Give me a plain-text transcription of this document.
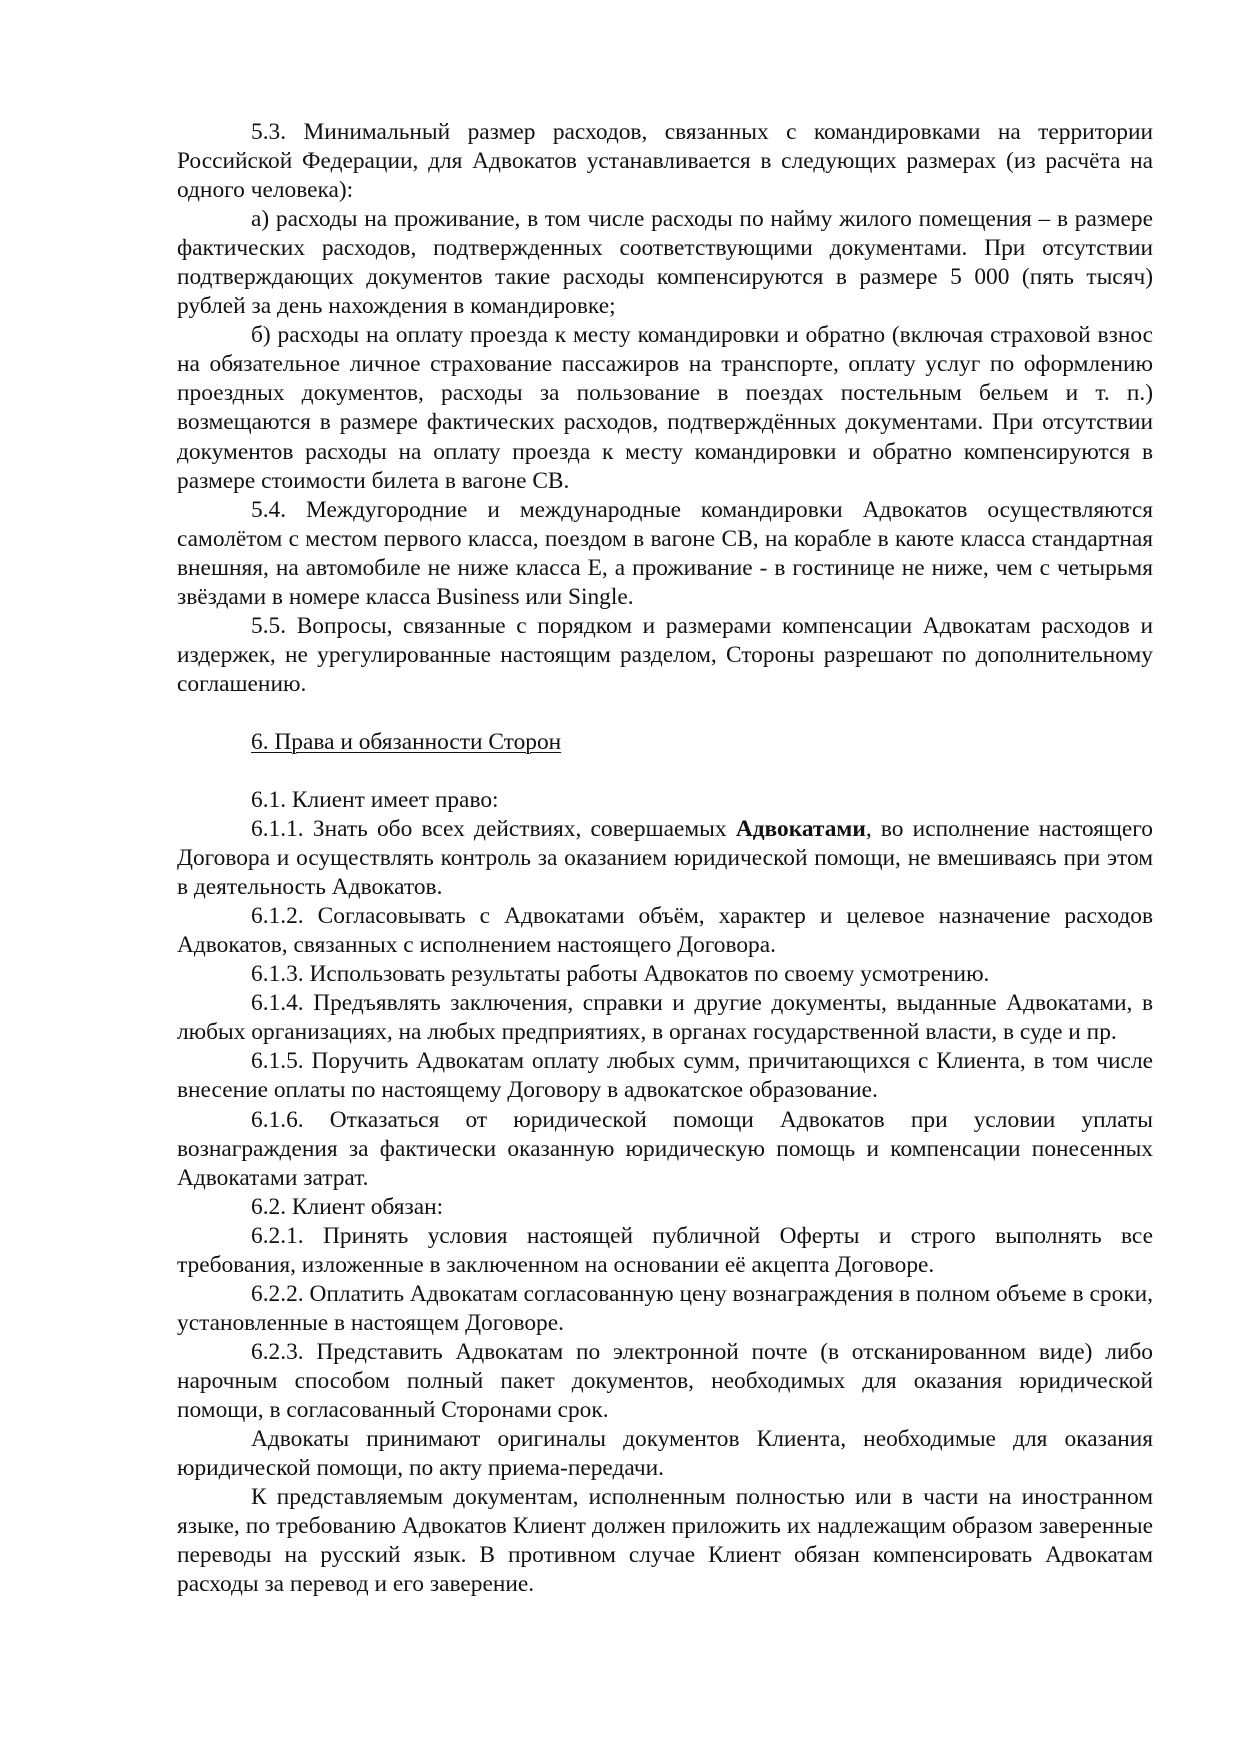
5.3. Минимальный размер расходов, связанных с командировками на территории Российской Федерации, для Адвокатов устанавливается в следующих размерах (из расчёта на одного человека):

а) расходы на проживание, в том числе расходы по найму жилого помещения – в размере фактических расходов, подтвержденных соответствующими документами. При отсутствии подтверждающих документов такие расходы компенсируются в размере 5 000 (пять тысяч) рублей за день нахождения в командировке;

б) расходы на оплату проезда к месту командировки и обратно (включая страховой взнос на обязательное личное страхование пассажиров на транспорте, оплату услуг по оформлению проездных документов, расходы за пользование в поездах постельным бельем и т. п.) возмещаются в размере фактических расходов, подтверждённых документами. При отсутствии документов расходы на оплату проезда к месту командировки и обратно компенсируются в размере стоимости билета в вагоне СВ.

5.4. Междугородние и международные командировки Адвокатов осуществляются самолётом с местом первого класса, поездом в вагоне СВ, на корабле в каюте класса стандартная внешняя, на автомобиле не ниже класса Е, а проживание - в гостинице не ниже, чем с четырьмя звёздами в номере класса Business или Single.

5.5. Вопросы, связанные с порядком и размерами компенсации Адвокатам расходов и издержек, не урегулированные настоящим разделом, Стороны разрешают по дополнительному соглашению.

6. Права и обязанности Сторон

6.1. Клиент имеет право:

6.1.1. Знать обо всех действиях, совершаемых Адвокатами, во исполнение настоящего Договора и осуществлять контроль за оказанием юридической помощи, не вмешиваясь при этом в деятельность Адвокатов.

6.1.2. Согласовывать с Адвокатами объём, характер и целевое назначение расходов Адвокатов, связанных с исполнением настоящего Договора.

6.1.3. Использовать результаты работы Адвокатов по своему усмотрению.

6.1.4. Предъявлять заключения, справки и другие документы, выданные Адвокатами, в любых организациях, на любых предприятиях, в органах государственной власти, в суде и пр.

6.1.5. Поручить Адвокатам оплату любых сумм, причитающихся с Клиента, в том числе внесение оплаты по настоящему Договору в адвокатское образование.

6.1.6. Отказаться от юридической помощи Адвокатов при условии уплаты вознаграждения за фактически оказанную юридическую помощь и компенсации понесенных Адвокатами затрат.

6.2. Клиент обязан:

6.2.1. Принять условия настоящей публичной Оферты и строго выполнять все требования, изложенные в заключенном на основании её акцепта Договоре.

6.2.2. Оплатить Адвокатам согласованную цену вознаграждения в полном объеме в сроки, установленные в настоящем Договоре.

6.2.3. Представить Адвокатам по электронной почте (в отсканированном виде) либо нарочным способом полный пакет документов, необходимых для оказания юридической помощи, в согласованный Сторонами срок.

Адвокаты принимают оригиналы документов Клиента, необходимые для оказания юридической помощи, по акту приема-передачи.

К представляемым документам, исполненным полностью или в части на иностранном языке, по требованию Адвокатов Клиент должен приложить их надлежащим образом заверенные переводы на русский язык. В противном случае Клиент обязан компенсировать Адвокатам расходы за перевод и его заверение.
